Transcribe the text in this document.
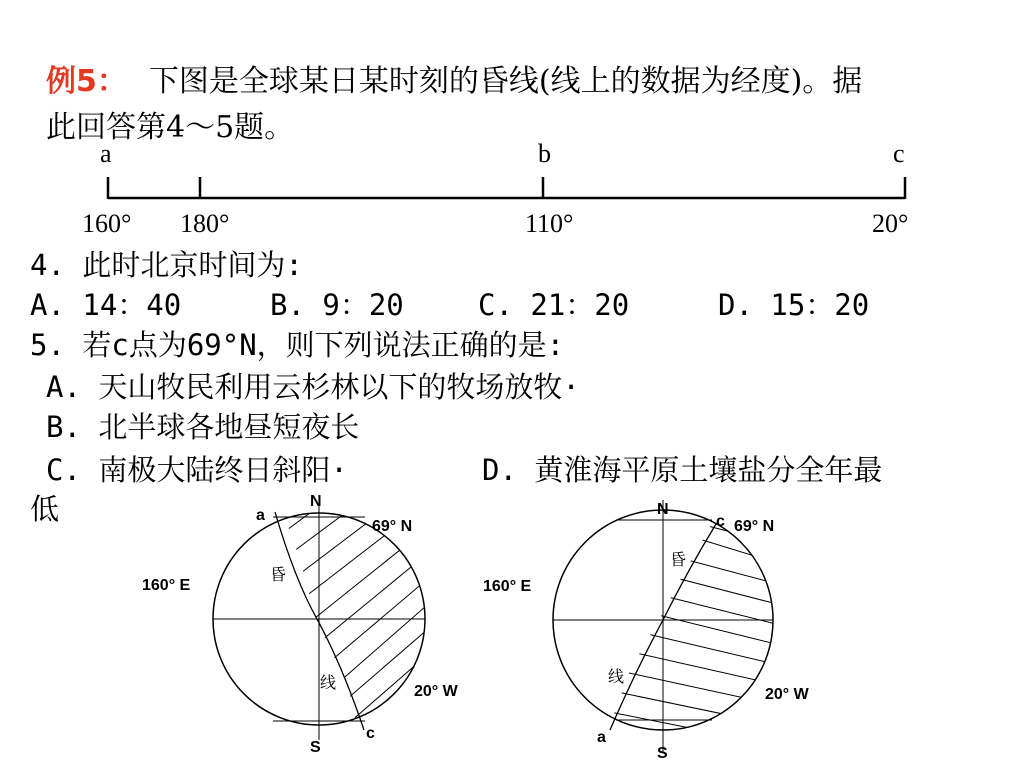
例5： 下图是全球某日某时刻的昏线(线上的数据为经度)。据
此回答第4～5题。
a	b	c
160° 180°	110°	20°
4. 此时北京时间为:
A. 14：40	B. 9：20	C. 21：20	D. 15：20
5. 若c点为69°N，则下列说法正确的是:
A. 天山牧民利用云杉林以下的牧场放牧·
B. 北半球各地昼短夜长
C. 南极大陆终日斜阳·	D. 黄淮海平原土壤盐分全年最
低	N
S
a
c
69° N
160° E
20° W
昏
线
N
S
a
c 69° N
160° E
20° W
昏
线
